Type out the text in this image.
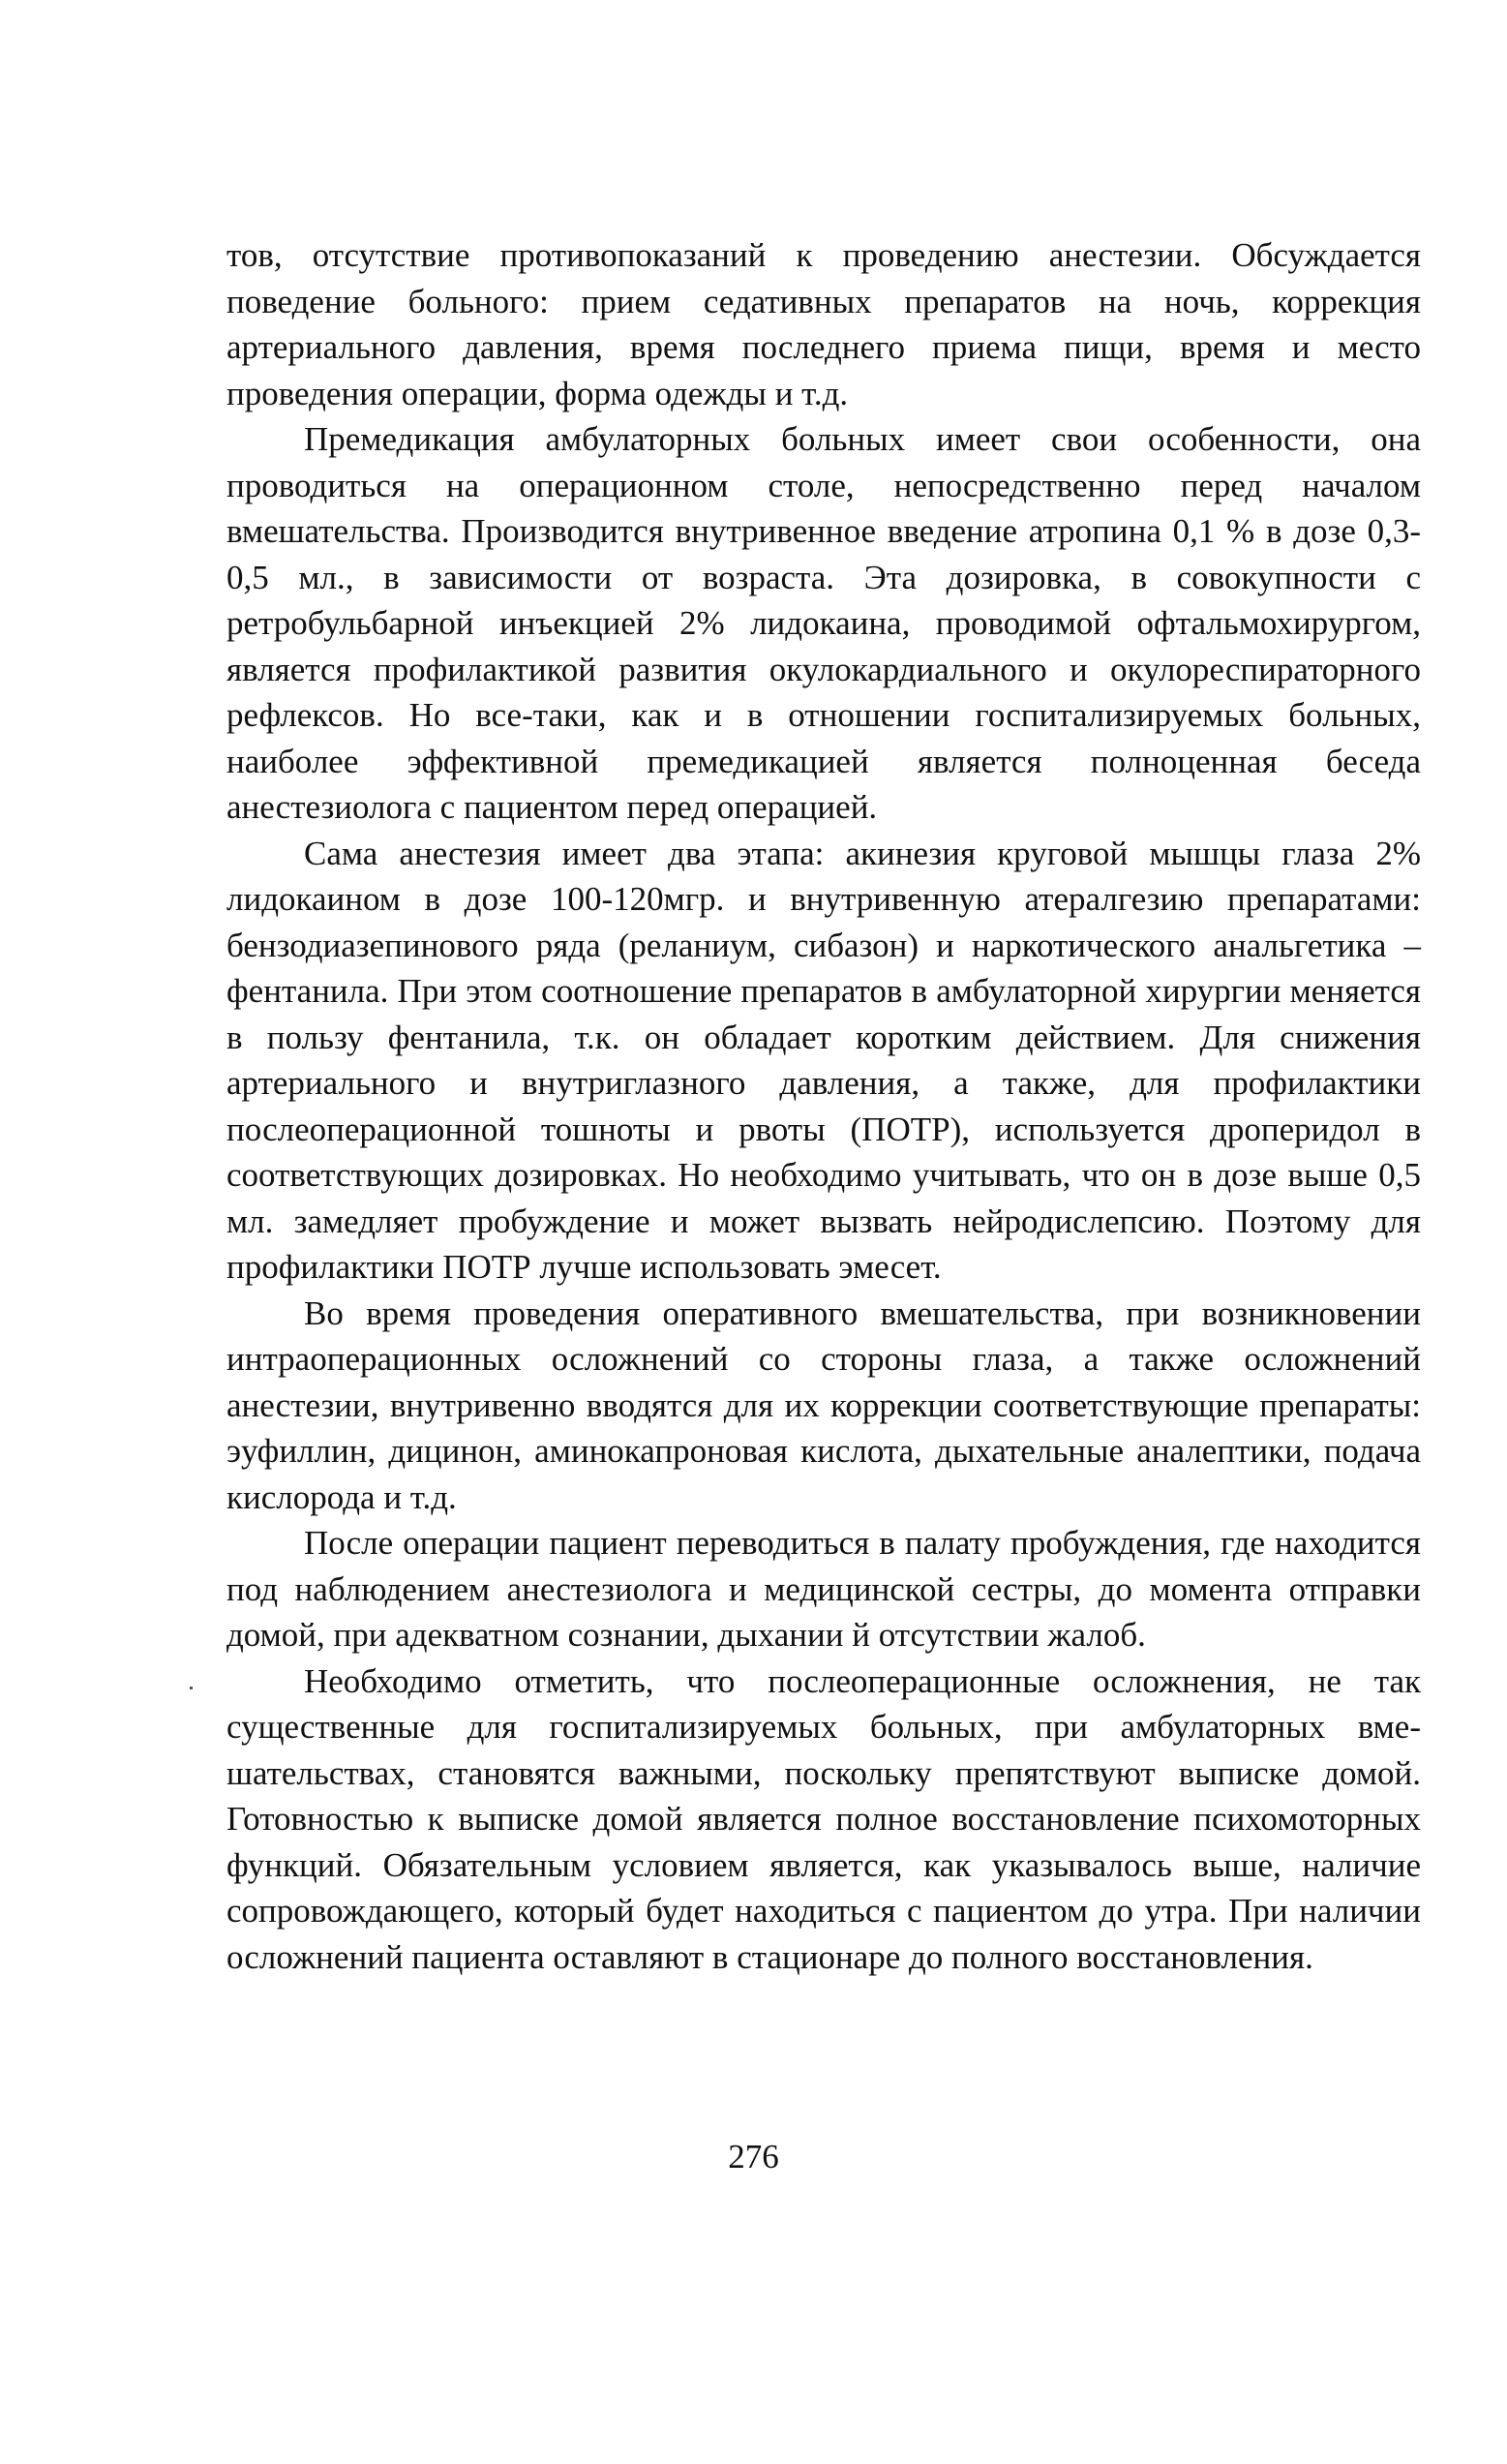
тов, отсутствие противопоказаний к проведению анестезии. Обсуждается поведение больного: прием седативных препаратов на ночь, коррекция артериального давления, время последнего приема пищи, время и место проведения операции, форма одежды и т.д.

Премедикация амбулаторных больных имеет свои особенности, она проводиться на операционном столе, непосредственно перед началом вмешательства. Производится внутривенное введение атропина 0,1 % в дозе 0,3-0,5 мл., в зависимости от возраста. Эта дозировка, в совокупности с ретробульбарной инъекцией 2% лидокаина, проводимой офтальмохирургом, является профилактикой развития окулокардиального и окулореспираторного рефлексов. Но все-таки, как и в отношении госпитализируемых больных, наиболее эффективной премедикацией является полноценная беседа анестезиолога с пациентом перед операцией.

Сама анестезия имеет два этапа: акинезия круговой мышцы глаза 2% лидокаином в дозе 100-120мгр. и внутривенную атералгезию препаратами: бензодиазепинового ряда (реланиум, сибазон) и наркотического анальгетика – фентанила. При этом соотношение препаратов в амбулаторной хирургии меняется в пользу фентанила, т.к. он обладает коротким действием. Для снижения артериального и внутриглазного давления, а также, для профилактики послеоперационной тошноты и рвоты (ПОТР), используется дроперидол в соответствующих дозировках. Но необходимо учитывать, что он в дозе выше 0,5 мл. замедляет пробуждение и может вызвать нейродислепсию. Поэтому для профилактики ПОТР лучше использовать эмесет.

Во время проведения оперативного вмешательства, при возникновении интраоперационных осложнений со стороны глаза, а также осложнений анестезии, внутривенно вводятся для их коррекции соответствующие препараты: эуфиллин, дицинон, аминокапроновая кислота, дыхательные аналептики, подача кислорода и т.д.

После операции пациент переводиться в палату пробуждения, где находится под наблюдением анестезиолога и медицинской сестры, до момента отправки домой, при адекватном сознании, дыхании й отсутствии жалоб.

Необходимо отметить, что послеоперационные осложнения, не так существенные для госпитализируемых больных, при амбулаторных вмешательствах, становятся важными, поскольку препятствуют выписке домой. Готовностью к выписке домой является полное восстановление психомоторных функций. Обязательным условием является, как указывалось выше, наличие сопровождающего, который будет находиться с пациентом до утра. При наличии осложнений пациента оставляют в стационаре до полного восстановления.

276
